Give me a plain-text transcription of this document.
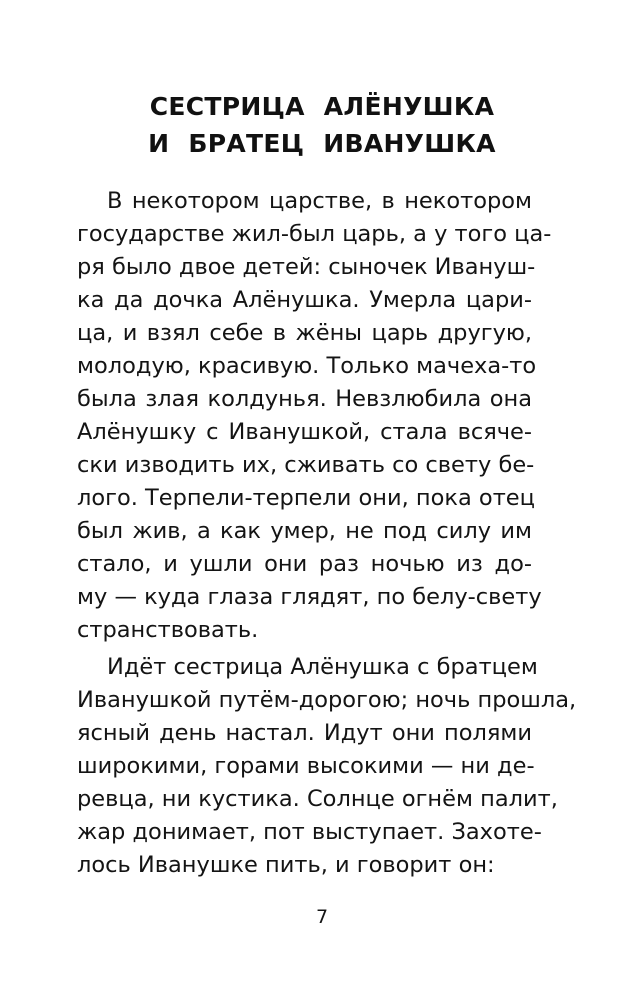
СЕСТРИЦА АЛЁНУШКА
И БРАТЕЦ ИВАНУШКА
В некотором царстве, в некотором
государстве жил-был царь, а у того ца-
ря было двое детей: сыночек Ивануш-
ка да дочка Алёнушка. Умерла цари-
ца, и взял себе в жёны царь другую,
молодую, красивую. Только мачеха-то
была злая колдунья. Невзлюбила она
Алёнушку с Иванушкой, стала всяче-
ски изводить их, сживать со свету бе-
лого. Терпели-терпели они, пока отец
был жив, а как умер, не под силу им
стало, и ушли они раз ночью из до-
му — куда глаза глядят, по белу-свету
странствовать.
Идёт сестрица Алёнушка с братцем
Иванушкой путём-дорогою; ночь прошла,
ясный день настал. Идут они полями
широкими, горами высокими — ни де-
ревца, ни кустика. Солнце огнём палит,
жар донимает, пот выступает. Захоте-
лось Иванушке пить, и говорит он:
7
